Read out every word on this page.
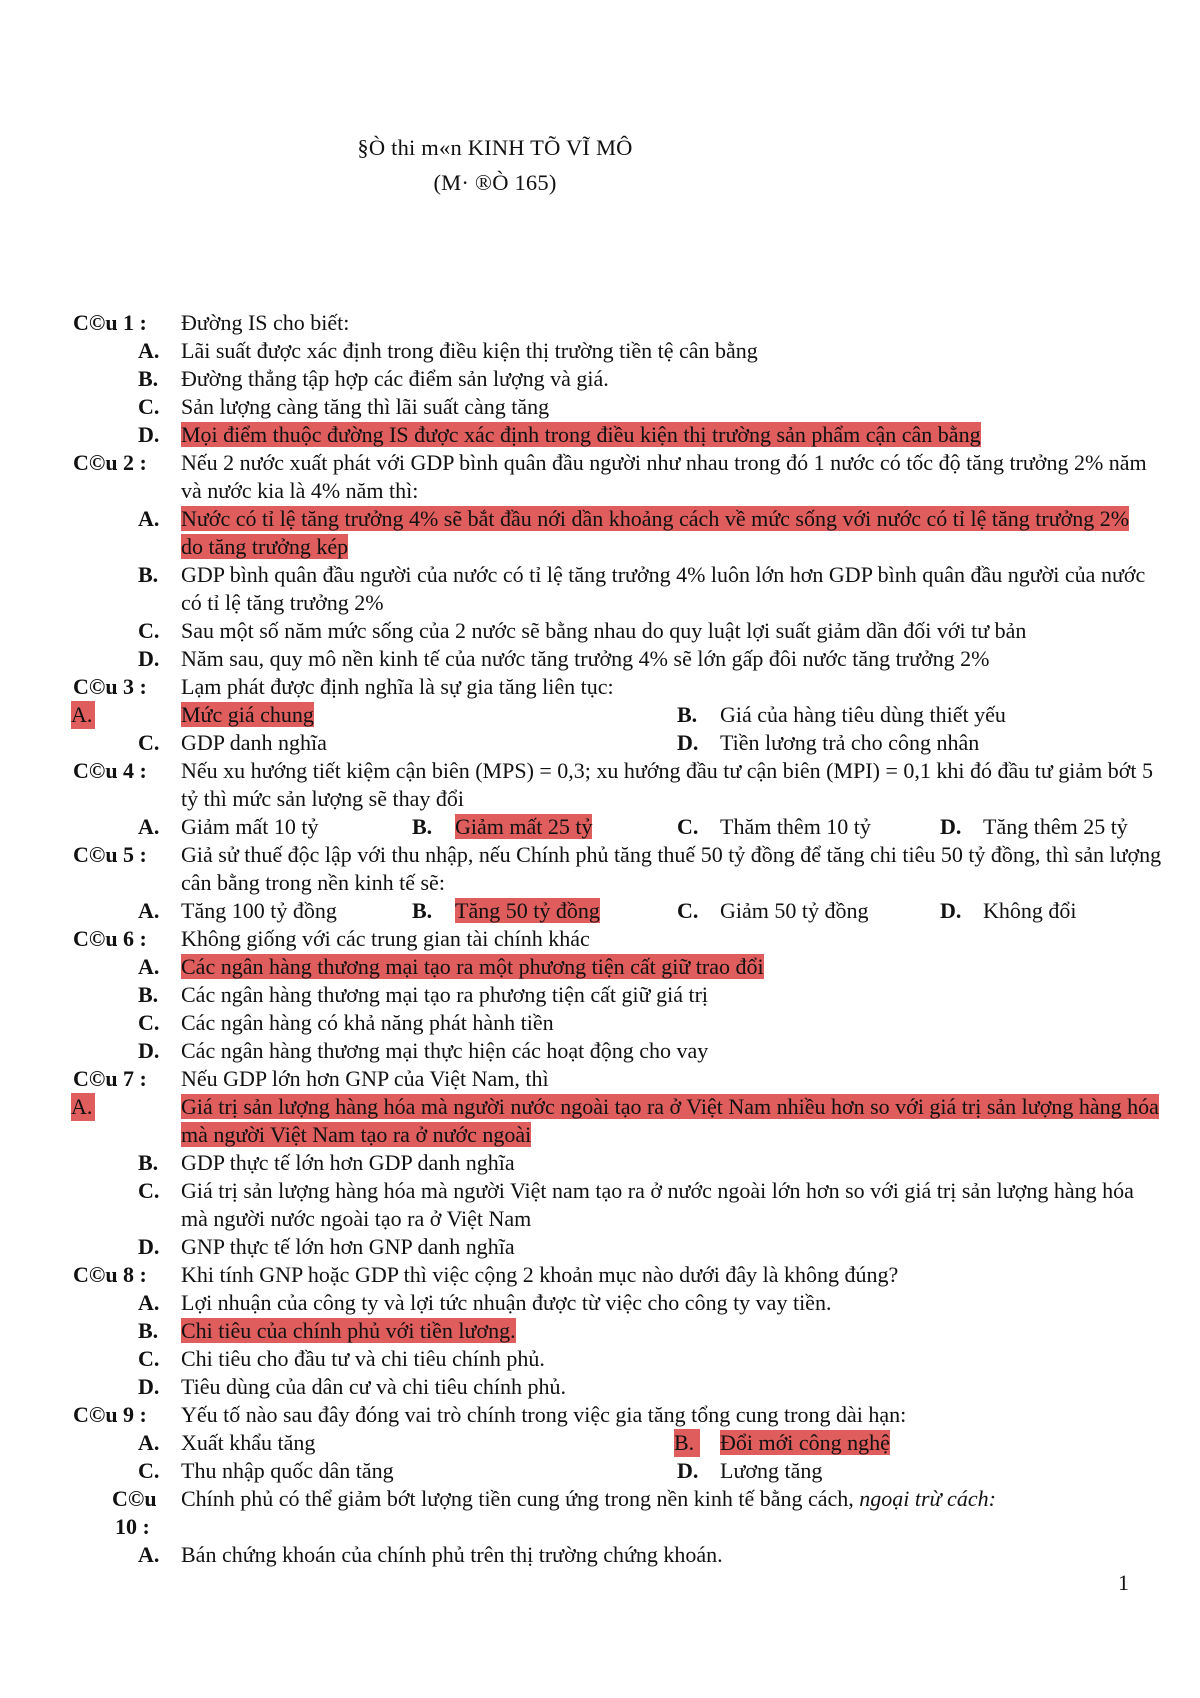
§Ò thi m«n KINH TÕ VĨ MÔ
(M· ®Ò 165)
C©u 1 : Đường IS cho biết:
A. Lãi suất được xác định trong điều kiện thị trường tiền tệ cân bằng
B. Đường thẳng tập hợp các điểm sản lượng và giá.
C. Sản lượng càng tăng thì lãi suất càng tăng
D. Mọi điểm thuộc đường IS được xác định trong điều kiện thị trường sản phẩm cận cân bằng
C©u 2 : Nếu 2 nước xuất phát với GDP bình quân đầu người như nhau trong đó 1 nước có tốc độ tăng trưởng 2% năm và nước kia là 4% năm thì:
A. Nước có tỉ lệ tăng trưởng 4% sẽ bắt đầu nới dần khoảng cách về mức sống với nước có tỉ lệ tăng trưởng 2% do tăng trưởng kép
B. GDP bình quân đầu người của nước có tỉ lệ tăng trưởng 4% luôn lớn hơn GDP bình quân đầu người của nước có tỉ lệ tăng trưởng 2%
C. Sau một số năm mức sống của 2 nước sẽ bằng nhau do quy luật lợi suất giảm dần đối với tư bản
D. Năm sau, quy mô nền kinh tế của nước tăng trưởng 4% sẽ lớn gấp đôi nước tăng trưởng 2%
C©u 3 : Lạm phát được định nghĩa là sự gia tăng liên tục:
A.	Mức giá chung	B. Giá của hàng tiêu dùng thiết yếu
C. GDP danh nghĩa	D. Tiền lương trả cho công nhân
C©u 4 : Nếu xu hướng tiết kiệm cận biên (MPS) = 0,3; xu hướng đầu tư cận biên (MPI) = 0,1 khi đó đầu tư giảm bớt 5 tỷ thì mức sản lượng sẽ thay đổi
A. Giảm mất 10 tỷ	B. Giảm mất 25 tỷ	C. Thăm thêm 10 tỷ	D. Tăng thêm 25 tỷ
C©u 5 : Giả sử thuế độc lập với thu nhập, nếu Chính phủ tăng thuế 50 tỷ đồng để tăng chi tiêu 50 tỷ đồng, thì sản lượng cân bằng trong nền kinh tế sẽ:
A. Tăng 100 tỷ đồng	B. Tăng 50 tỷ đồng	C. Giảm 50 tỷ đồng	D. Không đổi
C©u 6 : Không giống với các trung gian tài chính khác
A. Các ngân hàng thương mại tạo ra một phương tiện cất giữ trao đổi
B. Các ngân hàng thương mại tạo ra phương tiện cất giữ giá trị
C. Các ngân hàng có khả năng phát hành tiền
D. Các ngân hàng thương mại thực hiện các hoạt động cho vay
C©u 7 : Nếu GDP lớn hơn GNP của Việt Nam, thì
A.	Giá trị sản lượng hàng hóa mà người nước ngoài tạo ra ở Việt Nam nhiều hơn so với giá trị sản lượng hàng hóa mà người Việt Nam tạo ra ở nước ngoài
B. GDP thực tế lớn hơn GDP danh nghĩa
C. Giá trị sản lượng hàng hóa mà người Việt nam tạo ra ở nước ngoài lớn hơn so với giá trị sản lượng hàng hóa mà người nước ngoài tạo ra ở Việt Nam
D. GNP thực tế lớn hơn GNP danh nghĩa
C©u 8 : Khi tính GNP hoặc GDP thì việc cộng 2 khoản mục nào dưới đây là không đúng?
A. Lợi nhuận của công ty và lợi tức nhuận được từ việc cho công ty vay tiền.
B. Chi tiêu của chính phủ với tiền lương.
C. Chi tiêu cho đầu tư và chi tiêu chính phủ.
D. Tiêu dùng của dân cư và chi tiêu chính phủ.
C©u 9 : Yếu tố nào sau đây đóng vai trò chính trong việc gia tăng tổng cung trong dài hạn:
A. Xuất khẩu tăng	B. Đổi mới công nghệ
C. Thu nhập quốc dân tăng	D. Lương tăng
C©u
10 :
Chính phủ có thể giảm bớt lượng tiền cung ứng trong nền kinh tế bằng cách, ngoại trừ cách:
A. Bán chứng khoán của chính phủ trên thị trường chứng khoán.
1
